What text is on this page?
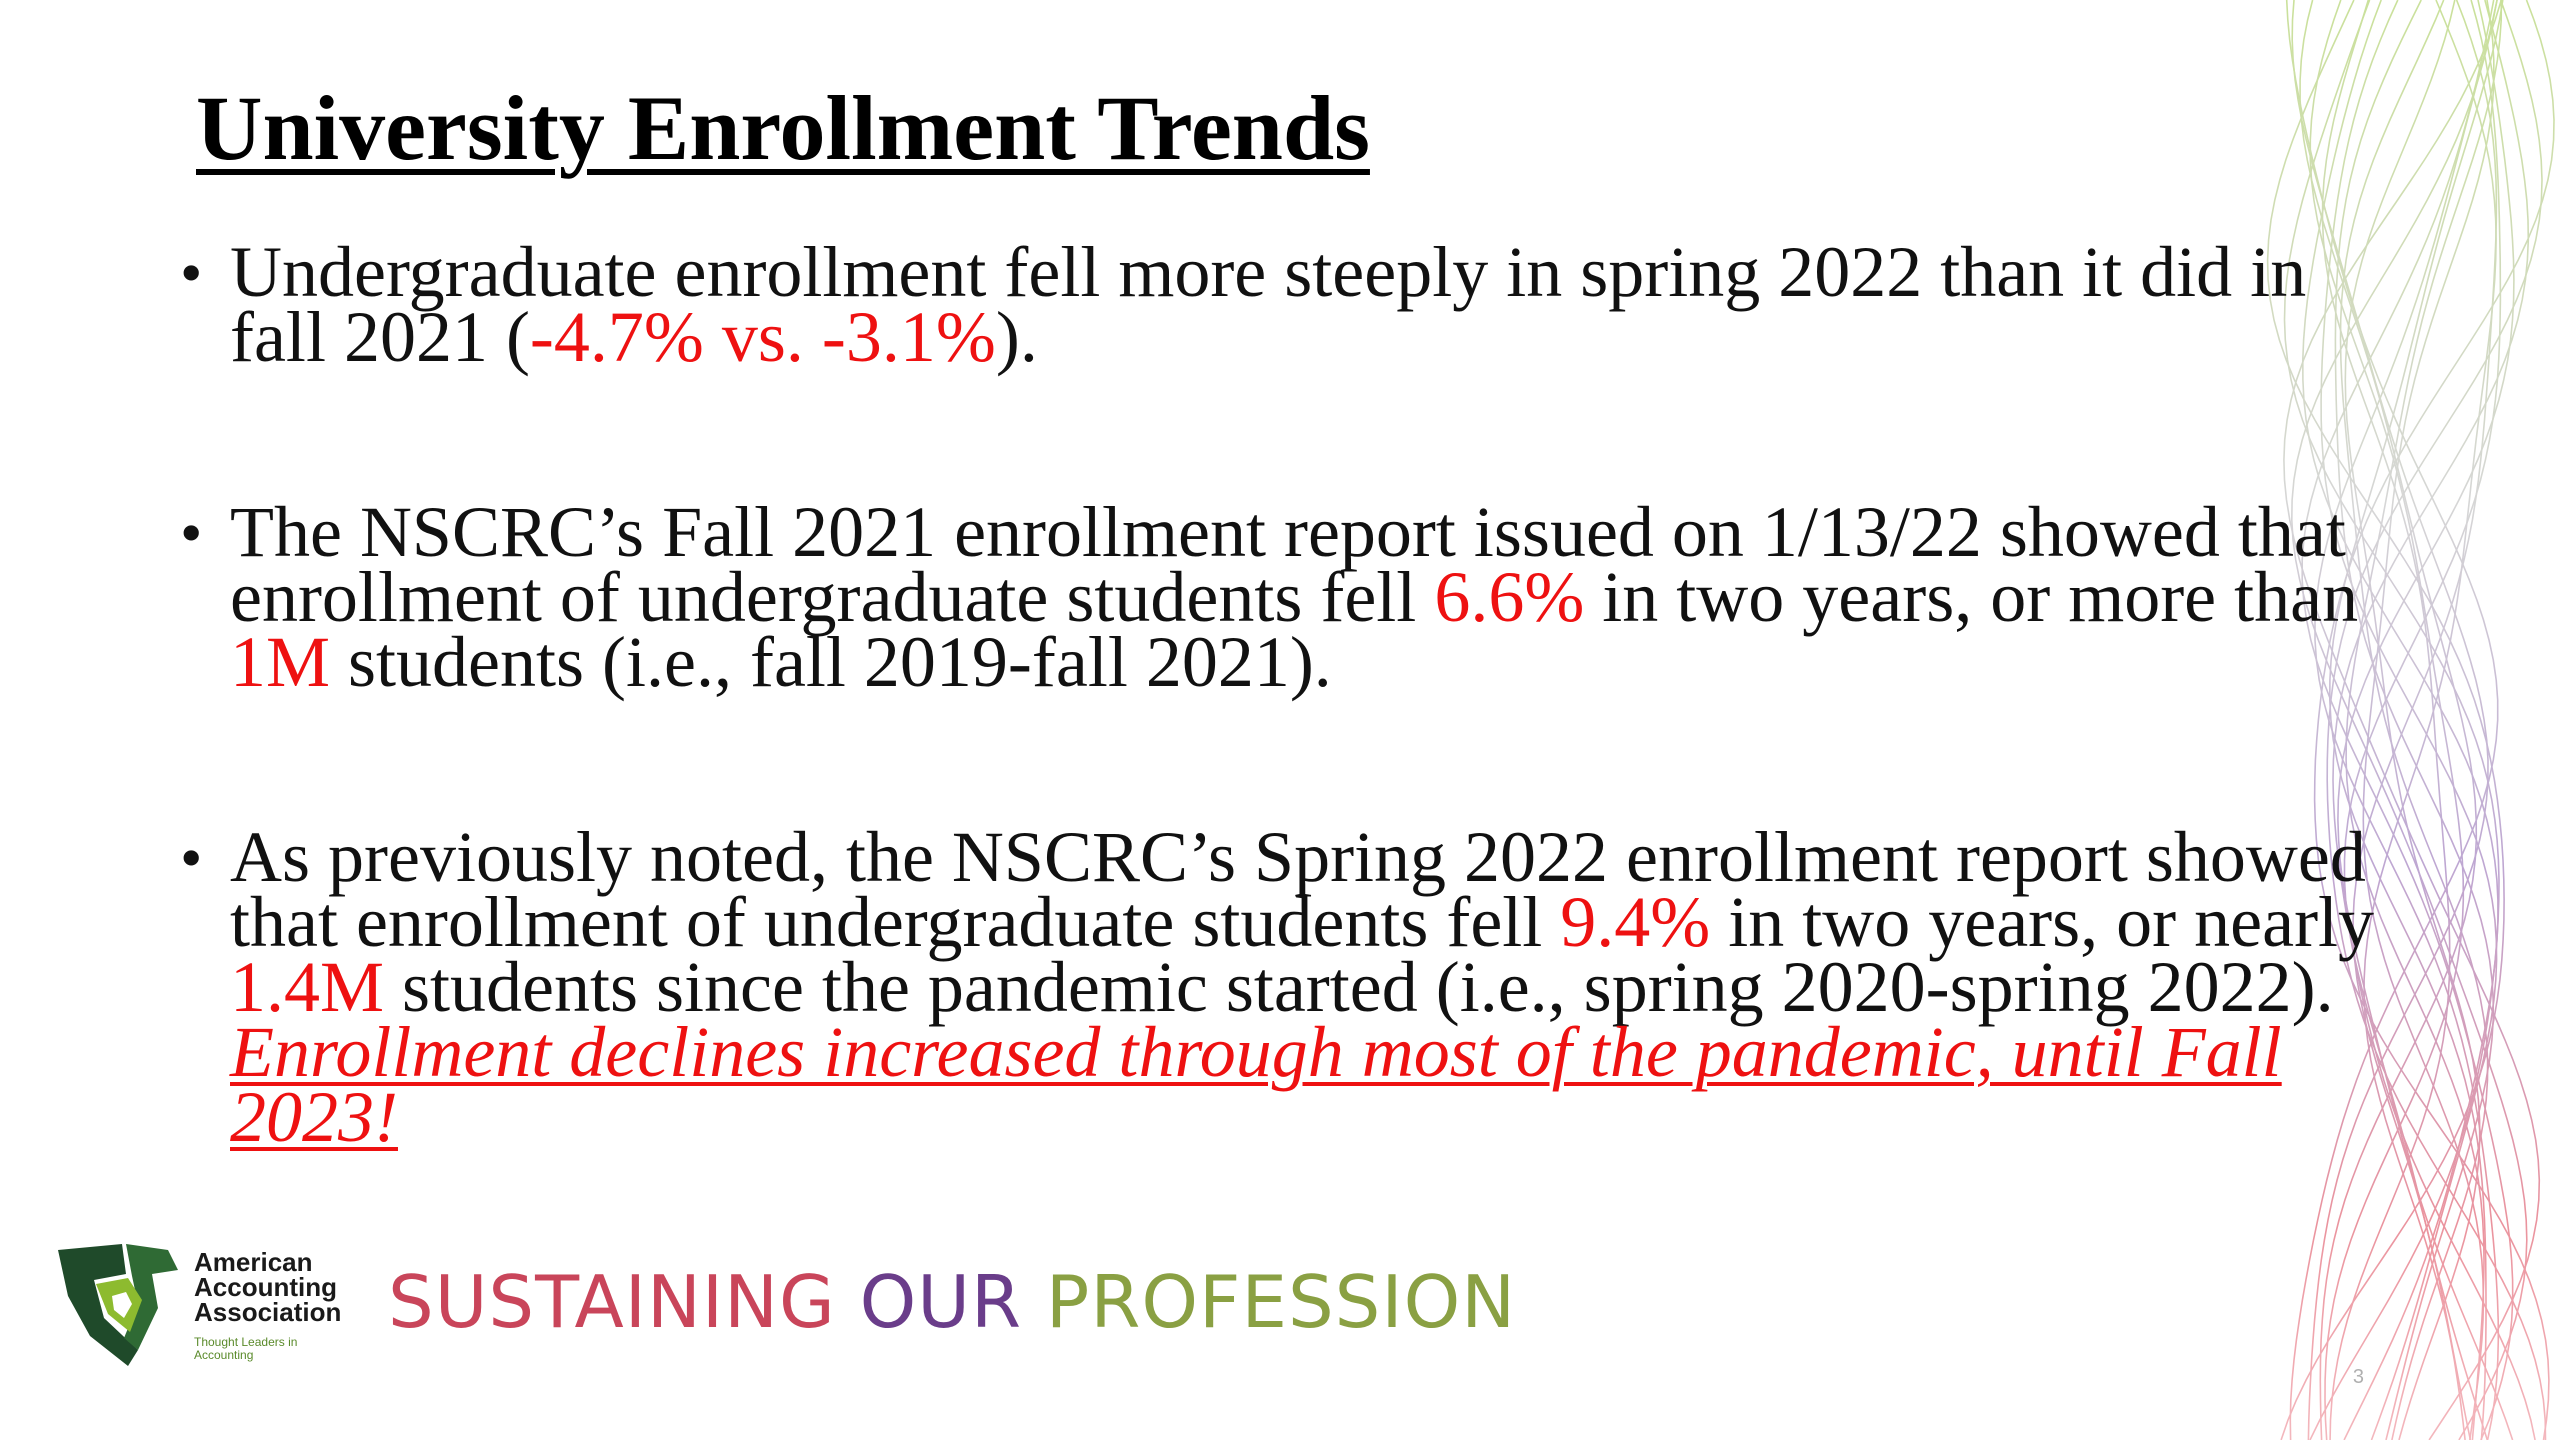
University Enrollment Trends
• Undergraduate enrollment fell more steeply in spring 2022 than it did in fall 2021 (-4.7% vs. -3.1%).
• The NSCRC’s Fall 2021 enrollment report issued on 1/13/22 showed that enrollment of undergraduate students fell 6.6% in two years, or more than 1M students (i.e., fall 2019-fall 2021).
• As previously noted, the NSCRC’s Spring 2022 enrollment report showed that enrollment of undergraduate students fell 9.4% in two years, or nearly 1.4M students since the pandemic started (i.e., spring 2020-spring 2022). Enrollment declines increased through most of the pandemic, until Fall 2023!
American
Accounting
Association
Thought Leaders in Accounting
SUSTAINING OUR PROFESSION
3
